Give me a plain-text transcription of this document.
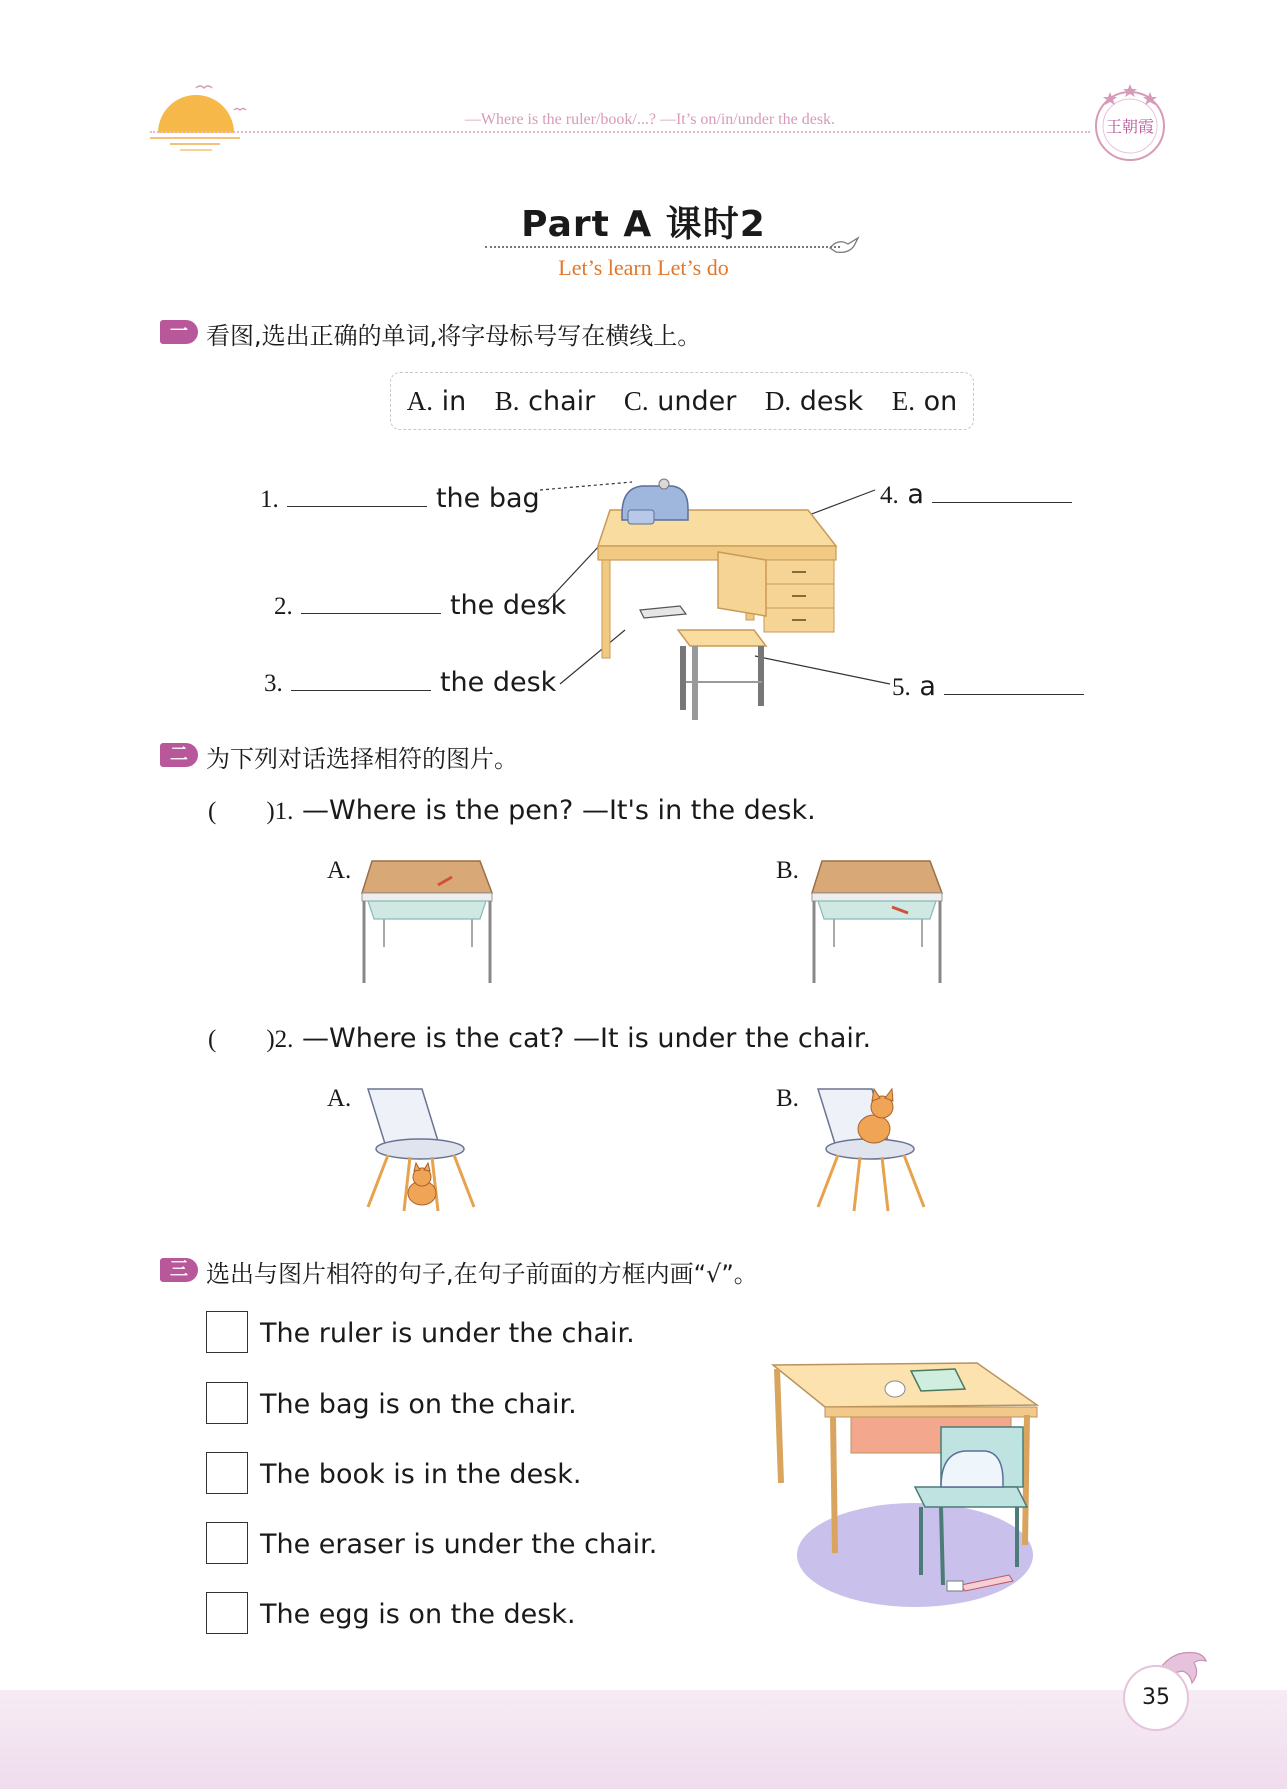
—Where is the ruler/book/...? —It’s on/in/under the desk.	王朝霞
Part A 课时2
Let’s learn Let’s do
一 看图,选出正确的单词,将字母标号写在横线上。
A. in B. chair C. under D. desk E. on
1.	the bag
2.	the desk
3.	the desk
4. a
5. a
二 为下列对话选择相符的图片。
(        )1. —Where is the pen? —It's in the desk.
A.	B.
(        )2. —Where is the cat? —It is under the chair.
A.	B.
三 选出与图片相符的句子,在句子前面的方框内画“√”。
The ruler is under the chair.
The bag is on the chair.
The book is in the desk.
The eraser is under the chair.
The egg is on the desk.
35
